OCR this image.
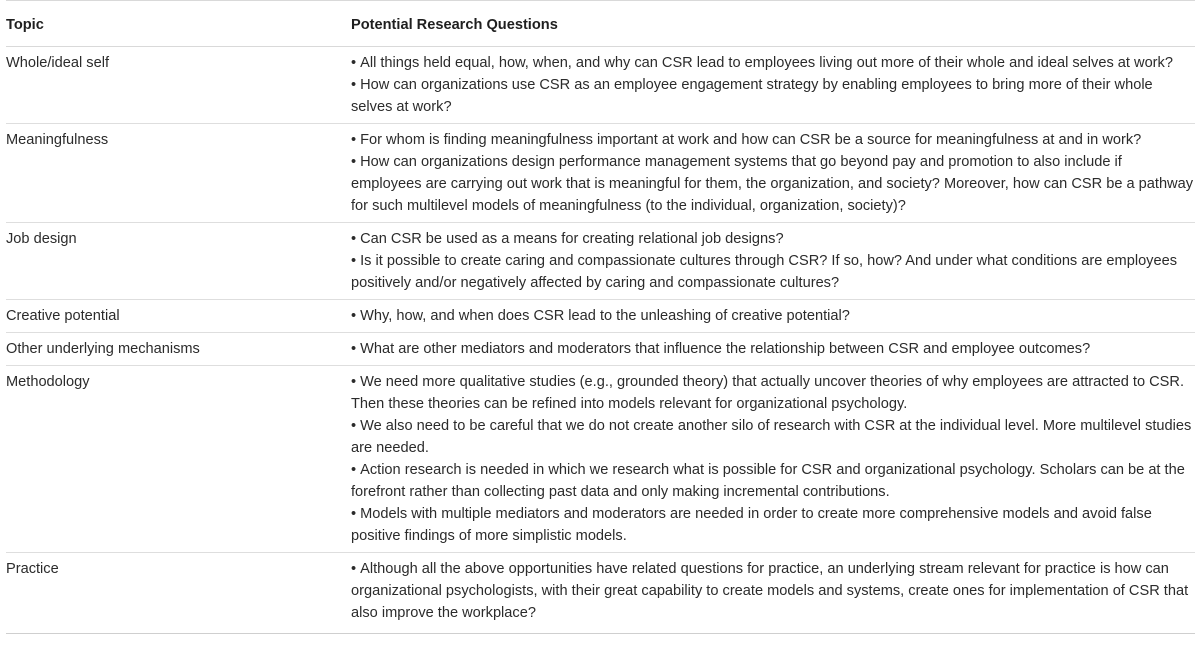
Topic	Potential Research Questions
Whole/ideal self	• All things held equal, how, when, and why can CSR lead to employees living out more of their whole and ideal selves at work?
• How can organizations use CSR as an employee engagement strategy by enabling employees to bring more of their whole selves at work?

Meaningfulness	• For whom is finding meaningfulness important at work and how can CSR be a source for meaningfulness at and in work?
• How can organizations design performance management systems that go beyond pay and promotion to also include if employees are carrying out work that is meaningful for them, the organization, and society? Moreover, how can CSR be a pathway for such multilevel models of meaningfulness (to the individual, organization, society)?

Job design	• Can CSR be used as a means for creating relational job designs?
• Is it possible to create caring and compassionate cultures through CSR? If so, how? And under what conditions are employees positively and/or negatively affected by caring and compassionate cultures?

Creative potential	• Why, how, and when does CSR lead to the unleashing of creative potential?

Other underlying mechanisms	• What are other mediators and moderators that influence the relationship between CSR and employee outcomes?

Methodology	• We need more qualitative studies (e.g., grounded theory) that actually uncover theories of why employees are attracted to CSR. Then these theories can be refined into models relevant for organizational psychology.
• We also need to be careful that we do not create another silo of research with CSR at the individual level. More multilevel studies are needed.
• Action research is needed in which we research what is possible for CSR and organizational psychology. Scholars can be at the forefront rather than collecting past data and only making incremental contributions.
• Models with multiple mediators and moderators are needed in order to create more comprehensive models and avoid false positive findings of more simplistic models.

Practice	• Although all the above opportunities have related questions for practice, an underlying stream relevant for practice is how can organizational psychologists, with their great capability to create models and systems, create ones for implementation of CSR that also improve the workplace?
